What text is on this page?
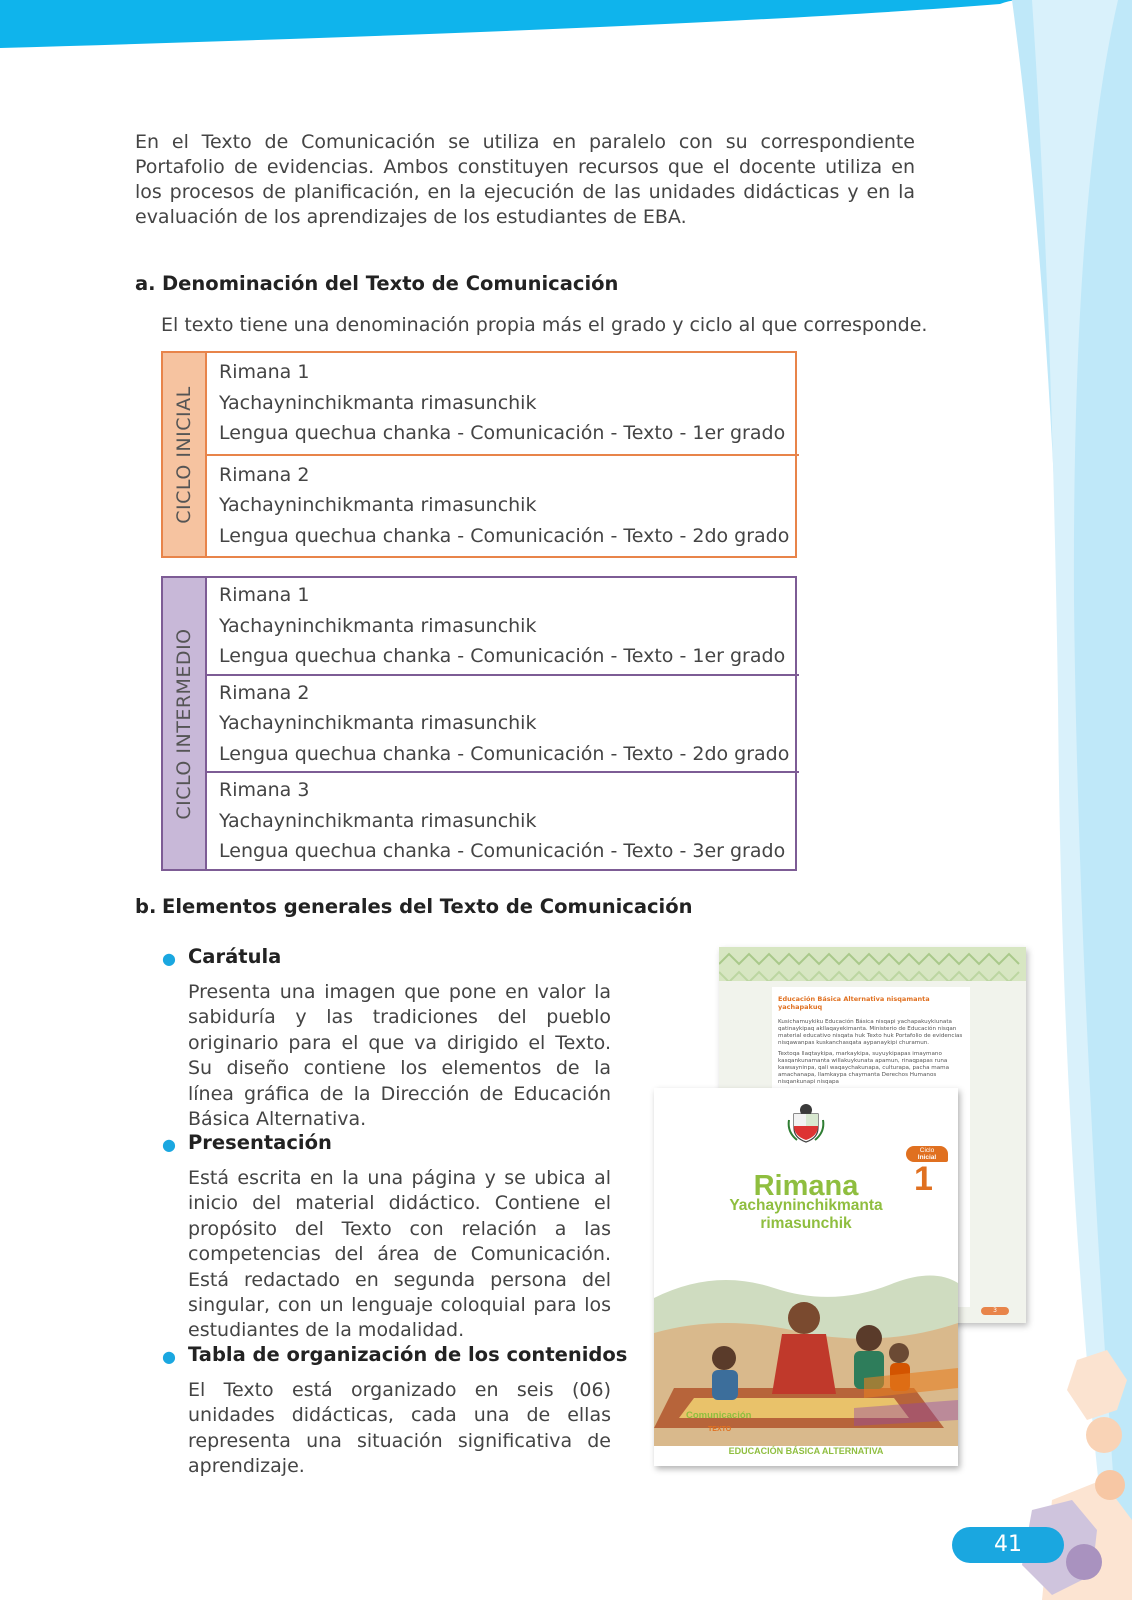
En el Texto de Comunicación se utiliza en paralelo con su correspondiente Portafolio de evidencias. Ambos constituyen recursos que el docente utiliza en los procesos de planificación, en la ejecución de las unidades didácticas y en la evaluación de los aprendizajes de los estudiantes de EBA.
a. Denominación del Texto de Comunicación
El texto tiene una denominación propia más el grado y ciclo al que corresponde.
CICLO INICIAL
Rimana 1
Yachayninchikmanta rimasunchik
Lengua quechua chanka - Comunicación - Texto - 1er grado
Rimana 2
Yachayninchikmanta rimasunchik
Lengua quechua chanka - Comunicación - Texto - 2do grado
CICLO INTERMEDIO
Rimana 1
Yachayninchikmanta rimasunchik
Lengua quechua chanka - Comunicación - Texto - 1er grado
Rimana 2
Yachayninchikmanta rimasunchik
Lengua quechua chanka - Comunicación - Texto - 2do grado
Rimana 3
Yachayninchikmanta rimasunchik
Lengua quechua chanka - Comunicación - Texto - 3er grado
b. Elementos generales del Texto de Comunicación
● Carátula
Presenta una imagen que pone en valor la sabiduría y las tradiciones del pueblo originario para el que va dirigido el Texto. Su diseño contiene los elementos de la línea gráfica de la Dirección de Educación Básica Alternativa.
● Presentación
Está escrita en la una página y se ubica al inicio del material didáctico. Contiene el propósito del Texto con relación a las competencias del área de Comunicación. Está redactado en segunda persona del singular, con un lenguaje coloquial para los estudiantes de la modalidad.
● Tabla de organización de los contenidos
El Texto está organizado en seis (06) unidades didácticas, cada una de ellas representa una situación significativa de aprendizaje.
Educación Básica Alternativa nisqamanta yachapakuq
Kusichamuykiku Educación Básica nisqapi yachapakuykiunata qatinaykipaq akllaqayekimanta. Ministerio de Educación nisqan material educativo nisqata huk Texto huk Portafolio de evidencias nisqawanpas kuskanchasqata aypanaykipi churamun.
Textoqa llaqtaykipa, markaykipa, suyuykipapas imaymano kasqankunamanta willakuykunata apamun, rinaqpapas runa kawsayninpa, qali waqaychakunapa, culturapa, pacha mama amachanapa, llamkaypa chaymanta Derechos Humanos nisqankunapi nisqapa
3
Rimana
Yachayninchikmanta rimasunchik
Ciclo
Inicial
1
Comunicación
TEXTO
EDUCACIÓN BÁSICA ALTERNATIVA
41
